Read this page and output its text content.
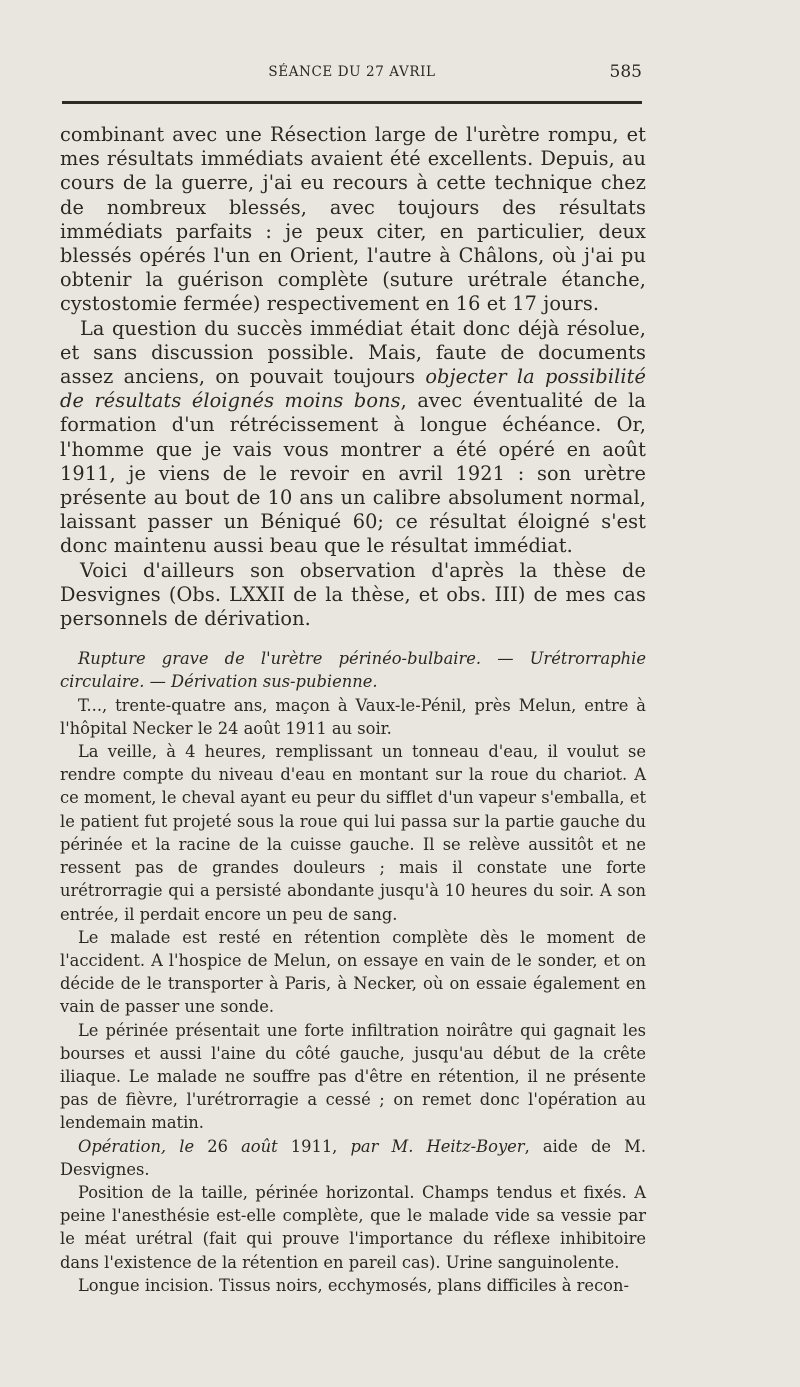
SÉANCE DU 27 AVRIL	585

combinant avec une Résection large de l'urètre rompu, et mes résultats immédiats avaient été excellents. Depuis, au cours de la guerre, j'ai eu recours à cette technique chez de nombreux blessés, avec toujours des résultats immédiats parfaits : je peux citer, en particulier, deux blessés opérés l'un en Orient, l'autre à Châlons, où j'ai pu obtenir la guérison complète (suture urétrale étanche, cystostomie fermée) respectivement en 16 et 17 jours.

La question du succès immédiat était donc déjà résolue, et sans discussion possible. Mais, faute de documents assez anciens, on pouvait toujours objecter la possibilité de résultats éloignés moins bons, avec éventualité de la formation d'un rétrécissement à longue échéance. Or, l'homme que je vais vous montrer a été opéré en août 1911, je viens de le revoir en avril 1921 : son urètre présente au bout de 10 ans un calibre absolument normal, laissant passer un Béniqué 60; ce résultat éloigné s'est donc maintenu aussi beau que le résultat immédiat.

Voici d'ailleurs son observation d'après la thèse de Desvignes (Obs. LXXII de la thèse, et obs. III) de mes cas personnels de dérivation.

Rupture grave de l'urètre périnéo-bulbaire. — Urétrorraphie circulaire. — Dérivation sus-pubienne.

T..., trente-quatre ans, maçon à Vaux-le-Pénil, près Melun, entre à l'hôpital Necker le 24 août 1911 au soir.

La veille, à 4 heures, remplissant un tonneau d'eau, il voulut se rendre compte du niveau d'eau en montant sur la roue du chariot. A ce moment, le cheval ayant eu peur du sifflet d'un vapeur s'emballa, et le patient fut projeté sous la roue qui lui passa sur la partie gauche du périnée et la racine de la cuisse gauche. Il se relève aussitôt et ne ressent pas de grandes douleurs ; mais il constate une forte urétrorragie qui a persisté abondante jusqu'à 10 heures du soir. A son entrée, il perdait encore un peu de sang.

Le malade est resté en rétention complète dès le moment de l'accident. A l'hospice de Melun, on essaye en vain de le sonder, et on décide de le transporter à Paris, à Necker, où on essaie également en vain de passer une sonde.

Le périnée présentait une forte infiltration noirâtre qui gagnait les bourses et aussi l'aine du côté gauche, jusqu'au début de la crête iliaque. Le malade ne souffre pas d'être en rétention, il ne présente pas de fièvre, l'urétrorragie a cessé ; on remet donc l'opération au lendemain matin.

Opération, le 26 août 1911, par M. Heitz-Boyer, aide de M. Desvignes.

Position de la taille, périnée horizontal. Champs tendus et fixés. A peine l'anesthésie est-elle complète, que le malade vide sa vessie par le méat urétral (fait qui prouve l'importance du réflexe inhibitoire dans l'existence de la rétention en pareil cas). Urine sanguinolente.

Longue incision. Tissus noirs, ecchymosés, plans difficiles à recon-
